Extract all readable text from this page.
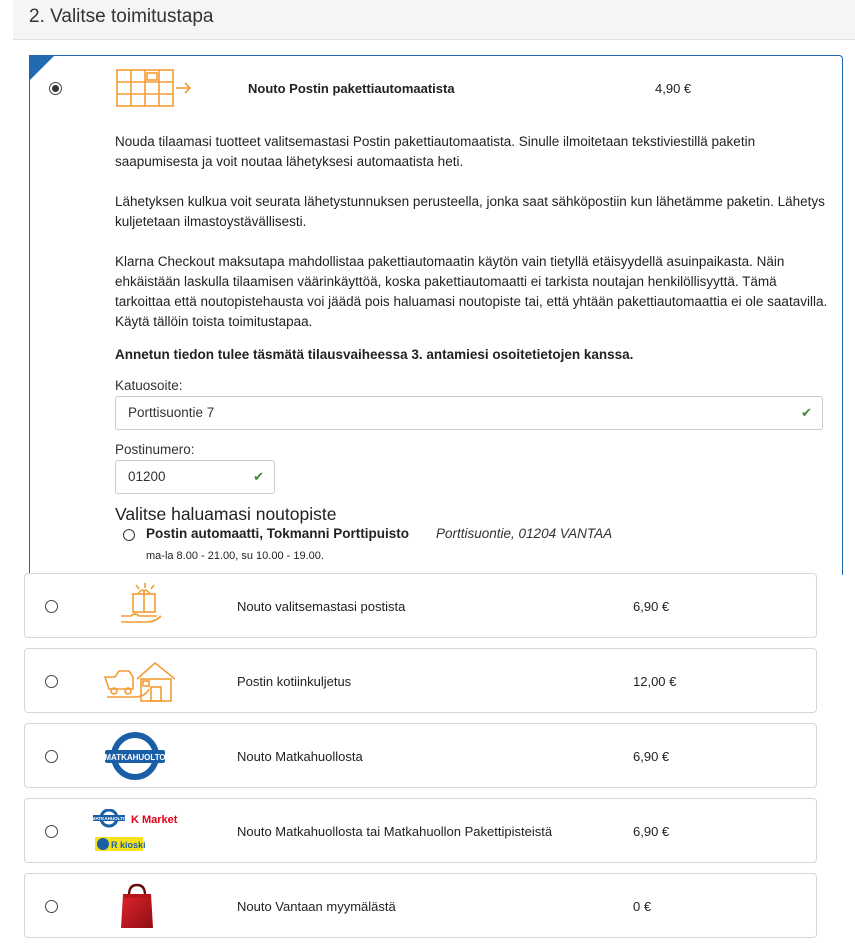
2. Valitse toimitustapa
Nouto Postin pakettiautomaatista	4,90 €
Nouda tilaamasi tuotteet valitsemastasi Postin pakettiautomaatista. Sinulle ilmoitetaan tekstiviestillä paketin saapumisesta ja voit noutaa lähetyksesi automaatista heti.
Lähetyksen kulkua voit seurata lähetystunnuksen perusteella, jonka saat sähköpostiin kun lähetämme paketin. Lähetys kuljetetaan ilmastoystävällisesti.
Klarna Checkout maksutapa mahdollistaa pakettiautomaatin käytön vain tietyllä etäisyydellä asuinpaikasta. Näin ehkäistään laskulla tilaamisen väärinkäyttöä, koska pakettiautomaatti ei tarkista noutajan henkilöllisyyttä. Tämä tarkoittaa että noutopistehausta voi jäädä pois haluamasi noutopiste tai, että yhtään pakettiautomaattia ei ole saatavilla. Käytä tällöin toista toimitustapaa.
Annetun tiedon tulee täsmätä tilausvaiheessa 3. antamiesi osoitetietojen kanssa.
Katuosoite:
Porttisuontie 7	✔
Postinumero:
01200	✔
Valitse haluamasi noutopiste
Postin automaatti, Tokmanni Porttipuisto Porttisuontie, 01204 VANTAA
ma-la 8.00 - 21.00, su 10.00 - 19.00.
Nouto valitsemastasi postista	6,90 €
Postin kotiinkuljetus	12,00 €
MATKAHUOLTO	Nouto Matkahuollosta	6,90 €
MATKAHUOLTO K Market
R kioski
Nouto Matkahuollosta tai Matkahuollon Pakettipisteistä	6,90 €
Nouto Vantaan myymälästä	0 €
